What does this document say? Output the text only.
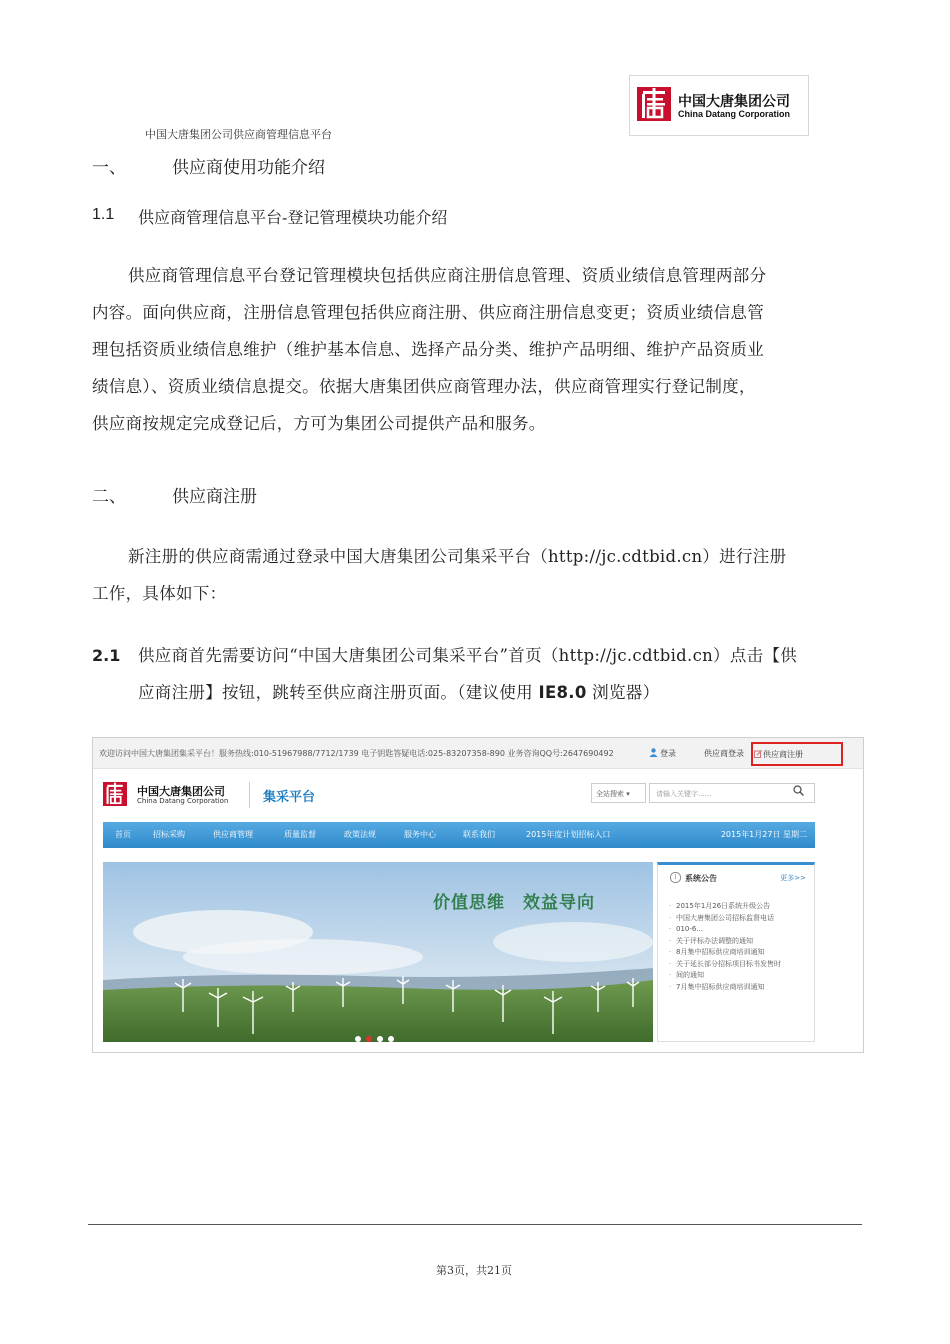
中国大唐集团公司
China Datang Corporation
中国大唐集团公司供应商管理信息平台
一、	供应商使用功能介绍
1.1 供应商管理信息平台-登记管理模块功能介绍

供应商管理信息平台登记管理模块包括供应商注册信息管理、资质业绩信息管理两部分

内容。面向供应商，注册信息管理包括供应商注册、供应商注册信息变更；资质业绩信息管

理包括资质业绩信息维护（维护基本信息、选择产品分类、维护产品明细、维护产品资质业

绩信息）、资质业绩信息提交。依据大唐集团供应商管理办法，供应商管理实行登记制度，

供应商按规定完成登记后，方可为集团公司提供产品和服务。

二、	供应商注册

新注册的供应商需通过登录中国大唐集团公司集采平台（http://jc.cdtbid.cn）进行注册

工作，具体如下：

2.1 供应商首先需要访问“中国大唐集团公司集采平台”首页（http://jc.cdtbid.cn）点击【供

应商注册】按钮，跳转至供应商注册页面。（建议使用 IE8.0 浏览器）

欢迎访问中国大唐集团集采平台！服务热线:010-51967988/7712/1739 电子钥匙答疑电话:025-83207358-890 业务咨询QQ号:2647690492	登录	供应商登录 供应商注册
中国大唐集团公司
China Datang Corporation	集采平台	全站搜索 ▾	请输入关键字......
首页	招标采购	供应商管理	质量监督	政策法规	服务中心	联系我们	2015年度计划招标入口	2015年1月27日 星期二
价值思维　效益导向
i	系统公告	更多>>
· 2015年1月26日系统升级公告
· 中国大唐集团公司招标监督电话
· 010-6...
· 关于评标办法调整的通知
· 8月集中招标供应商培训通知
· 关于延长部分招标项目标书发售时
· 间的通知
· 7月集中招标供应商培训通知
第3页，共21页
